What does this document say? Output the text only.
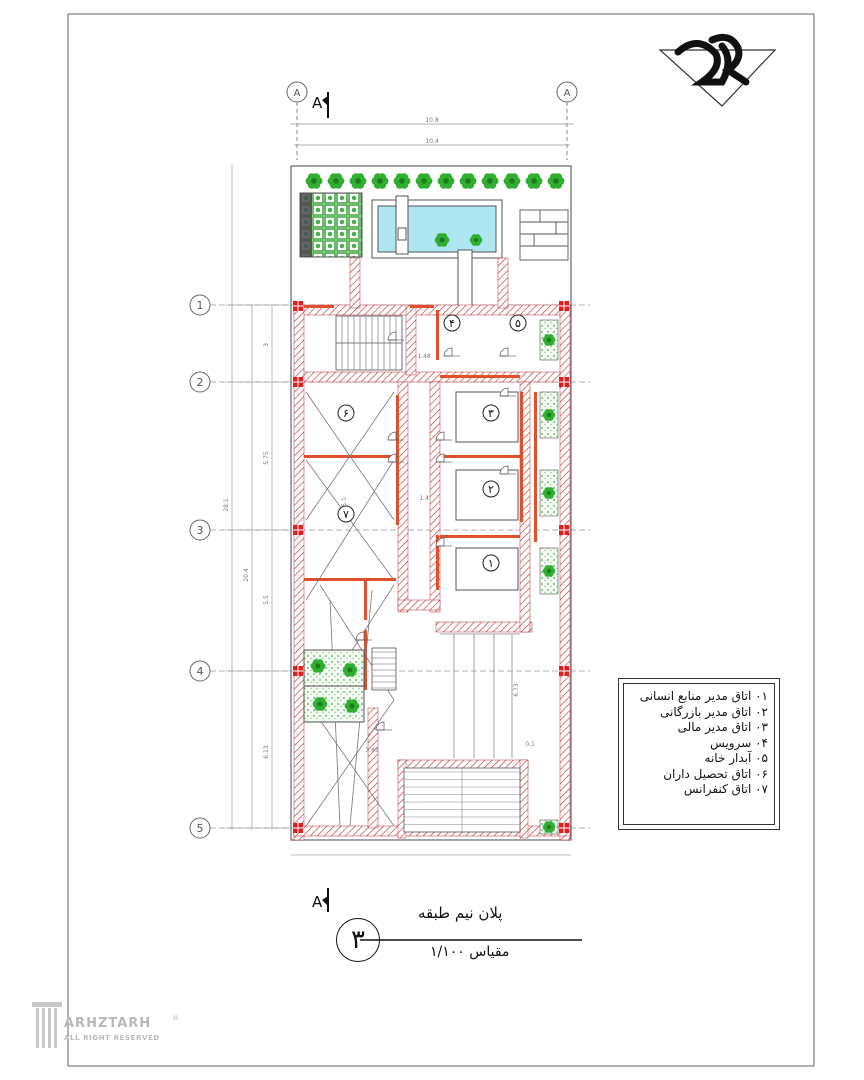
A	A
A
A
۱
۲
۳
۴	۵
۶
۷
1
2
3
4
5
10.8
10.4
28.1
20.4
3
5.75
5.5
6.13
1.48
1.4
0.1
3.45
6.73
5.1
۰۱ اتاق مدیر منابع انسانی
۰۲ اتاق مدیر بازرگانی
۰۳ اتاق مدیر مالی
۰۴ سرویس
۰۵ آبدار خانه
۰۶ اتاق تحصیل داران
۰۷ اتاق کنفرانس
۳
پلان نیم طبقه
مقیاس ۱/۱۰۰
ARHZTARH
ALL RIGHT RESERVED
®
